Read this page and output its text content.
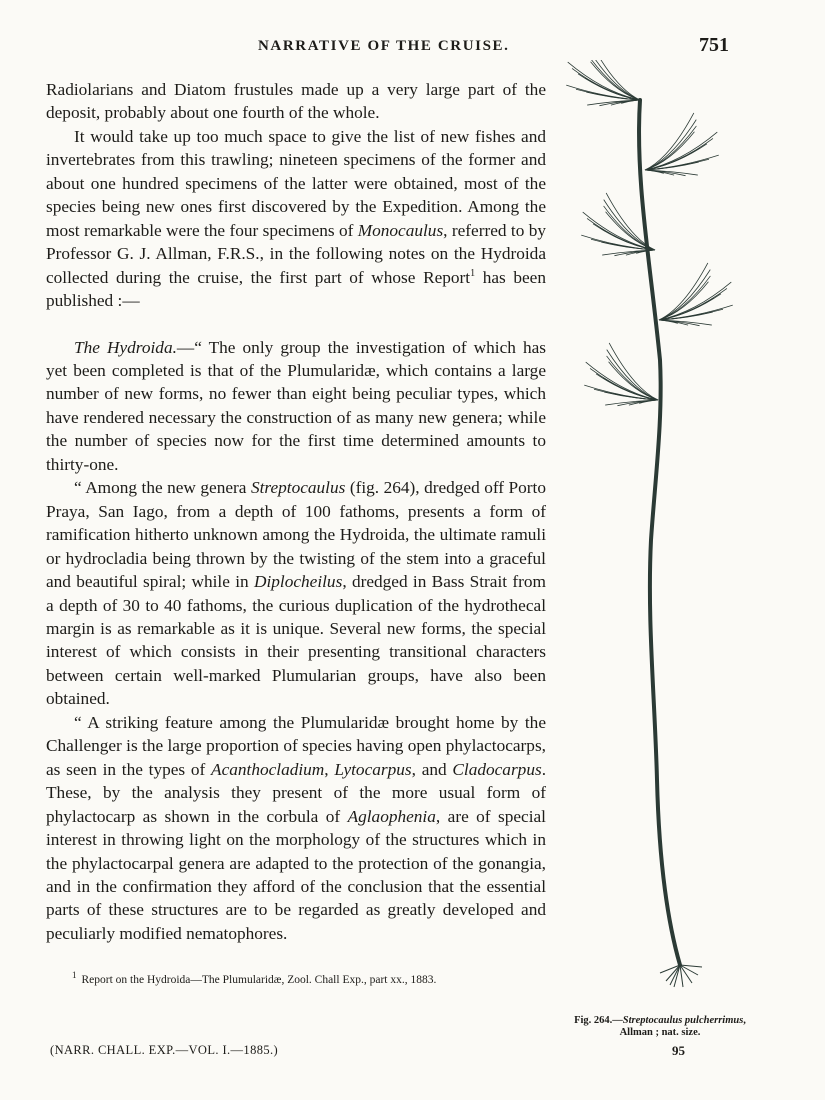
NARRATIVE OF THE CRUISE.	751

Radiolarians and Diatom frustules made up a very large part of the deposit, probably about one fourth of the whole.

It would take up too much space to give the list of new fishes and invertebrates from this trawling; nineteen specimens of the former and about one hundred specimens of the latter were obtained, most of the species being new ones first discovered by the Expedition. Among the most remarkable were the four specimens of Monocaulus, referred to by Professor G. J. Allman, F.R.S., in the following notes on the Hydroida collected during the cruise, the first part of whose Report$^1$ has been published :—

The Hydroida.—“ The only group the investigation of which has yet been completed is that of the Plumularidæ, which contains a large number of new forms, no fewer than eight being peculiar types, which have rendered necessary the construction of as many new genera; while the number of species now for the first time determined amounts to thirty-one.

“ Among the new genera Streptocaulus (fig. 264), dredged off Porto Praya, San Iago, from a depth of 100 fathoms, presents a form of ramification hitherto unknown among the Hydroida, the ultimate ramuli or hydrocladia being thrown by the twisting of the stem into a graceful and beautiful spiral; while in Diplocheilus, dredged in Bass Strait from a depth of 30 to 40 fathoms, the curious duplication of the hydrothecal margin is as remarkable as it is unique. Several new forms, the special interest of which consists in their presenting transitional characters between certain well-marked Plumularian groups, have also been obtained.

“ A striking feature among the Plumularidæ brought home by the Challenger is the large proportion of species having open phylactocarps, as seen in the types of Acanthocladium, Lytocarpus, and Cladocarpus. These, by the analysis they present of the more usual form of phylactocarp as shown in the corbula of Aglaophenia, are of special interest in throwing light on the morphology of the structures which in the phylactocarpal genera are adapted to the protection of the gonangia, and in the confirmation they afford of the conclusion that the essential parts of these structures are to be regarded as greatly developed and peculiarly modified nematophores.

$^1$ Report on the Hydroida—The Plumularidæ, Zool. Chall Exp., part xx., 1883.
Fig. 264.—Streptocaulus pulcherrimus, Allman ; nat. size.
(NARR. CHALL. EXP.—VOL. I.—1885.)	95
